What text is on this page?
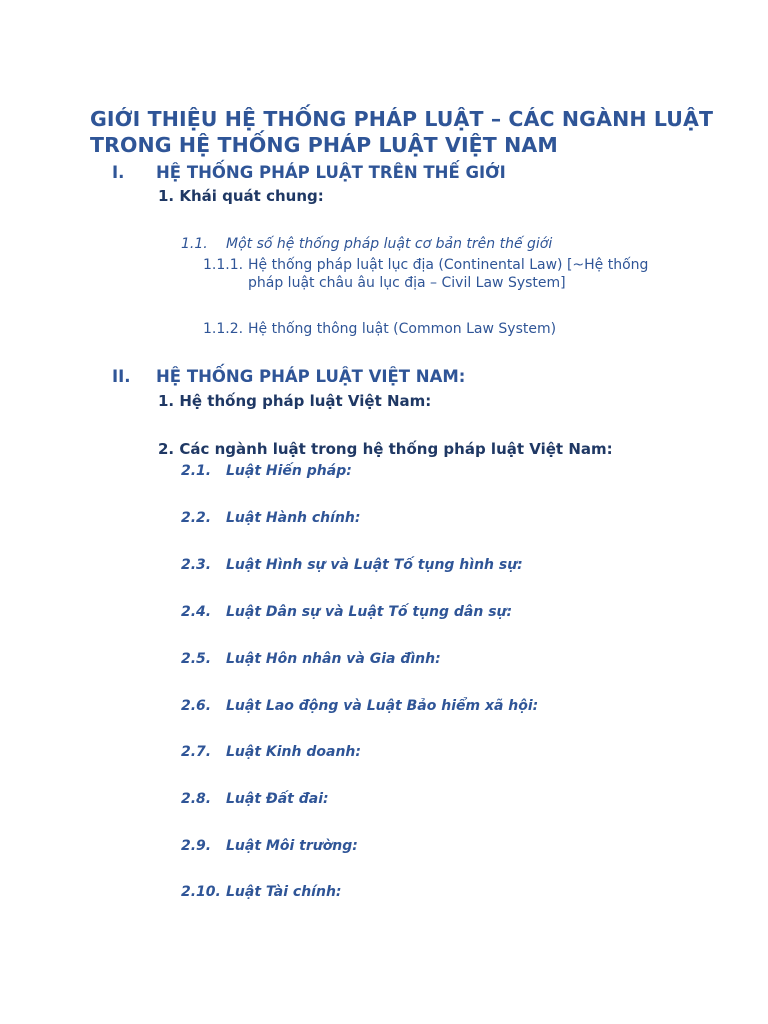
GIỚI THIỆU HỆ THỐNG PHÁP LUẬT – CÁC NGÀNH LUẬT TRONG HỆ THỐNG PHÁP LUẬT VIỆT NAM
I. HỆ THỐNG PHÁP LUẬT TRÊN THẾ GIỚI
1. Khái quát chung:
1.1. Một số hệ thống pháp luật cơ bản trên thế giới
1.1.1. Hệ thống pháp luật lục địa (Continental Law) [~Hệ thống pháp luật châu âu lục địa – Civil Law System]
1.1.2. Hệ thống thông luật (Common Law System)
II. HỆ THỐNG PHÁP LUẬT VIỆT NAM:
1. Hệ thống pháp luật Việt Nam:
2. Các ngành luật trong hệ thống pháp luật Việt Nam:
2.1. Luật Hiến pháp:
2.2. Luật Hành chính:
2.3. Luật Hình sự và Luật Tố tụng hình sự:
2.4. Luật Dân sự và Luật Tố tụng dân sự:
2.5. Luật Hôn nhân và Gia đình:
2.6. Luật Lao động và Luật Bảo hiểm xã hội:
2.7. Luật Kinh doanh:
2.8. Luật Đất đai:
2.9. Luật Môi trường:
2.10. Luật Tài chính:
